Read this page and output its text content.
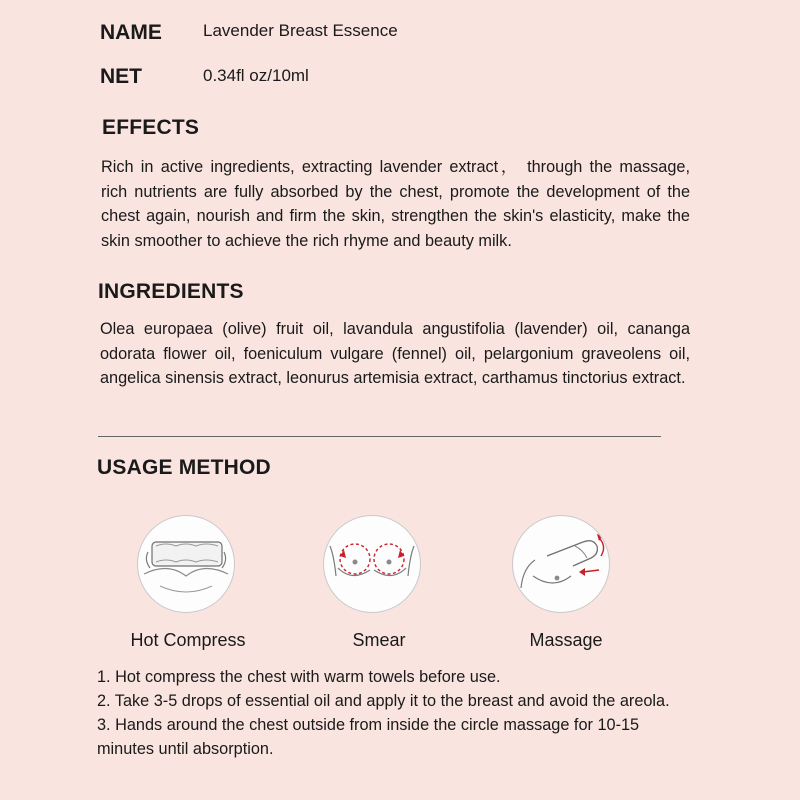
NAME Lavender Breast Essence
NET	0.34fl oz/10ml
EFFECTS
Rich in active ingredients, extracting lavender extract， through the massage, rich nutrients are fully absorbed by the chest, promote the development of the chest again, nourish and firm the skin, strengthen the skin's elasticity, make the skin smoother to achieve the rich rhyme and beauty milk.
INGREDIENTS
Olea europaea (olive) fruit oil, lavandula angustifolia (lavender) oil, cananga odorata flower oil, foeniculum vulgare (fennel) oil, pelargonium graveolens oil, angelica sinensis extract, leonurus artemisia extract, carthamus tinctorius extract.
USAGE METHOD
Hot Compress	Smear	Massage
1. Hot compress the chest with warm towels before use.
2. Take 3-5 drops of essential oil and apply it to the breast and avoid the areola.
3. Hands around the chest outside from inside the circle massage for 10-15 minutes until absorption.
